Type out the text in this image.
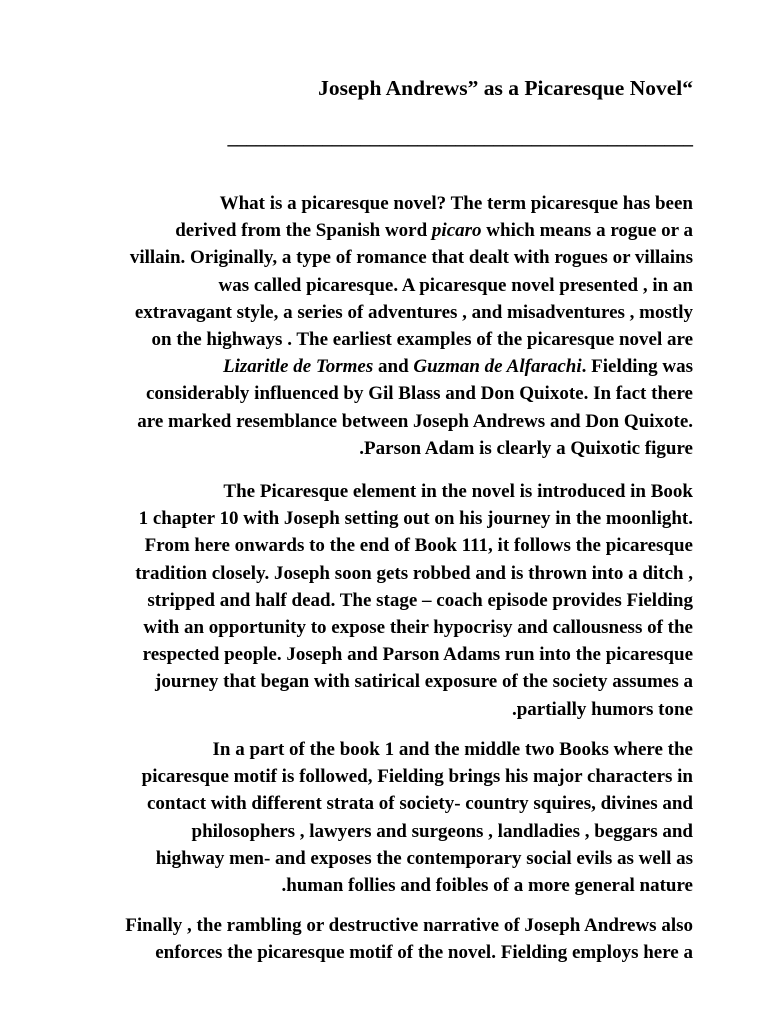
Joseph Andrews” as a Picaresque Novel“
_________________________________________________

What is a picaresque novel? The term picaresque has been
derived from the Spanish word picaro which means a rogue or a
villain. Originally, a type of romance that dealt with rogues or villains
was called picaresque. A picaresque novel presented , in an
extravagant style, a series of adventures , and misadventures , mostly
on the highways . The earliest examples of the picaresque novel are
Lizaritle de Tormes and Guzman de Alfarachi. Fielding was
considerably influenced by Gil Blass and Don Quixote. In fact there
are marked resemblance between Joseph Andrews and Don Quixote.
.Parson Adam is clearly a Quixotic figure

The Picaresque element in the novel is introduced in Book
1 chapter 10 with Joseph setting out on his journey in the moonlight.
From here onwards to the end of Book 111, it follows the picaresque
tradition closely. Joseph soon gets robbed and is thrown into a ditch ,
stripped and half dead. The stage – coach episode provides Fielding
with an opportunity to expose their hypocrisy and callousness of the
respected people. Joseph and Parson Adams run into the picaresque
journey that began with satirical exposure of the society assumes a
.partially humors tone

In a part of the book 1 and the middle two Books where the
picaresque motif is followed, Fielding brings his major characters in
contact with different strata of society- country squires, divines and
philosophers , lawyers and surgeons , landladies , beggars and
highway men- and exposes the contemporary social evils as well as
.human follies and foibles of a more general nature

Finally , the rambling or destructive narrative of Joseph Andrews also
enforces the picaresque motif of the novel. Fielding employs here a
